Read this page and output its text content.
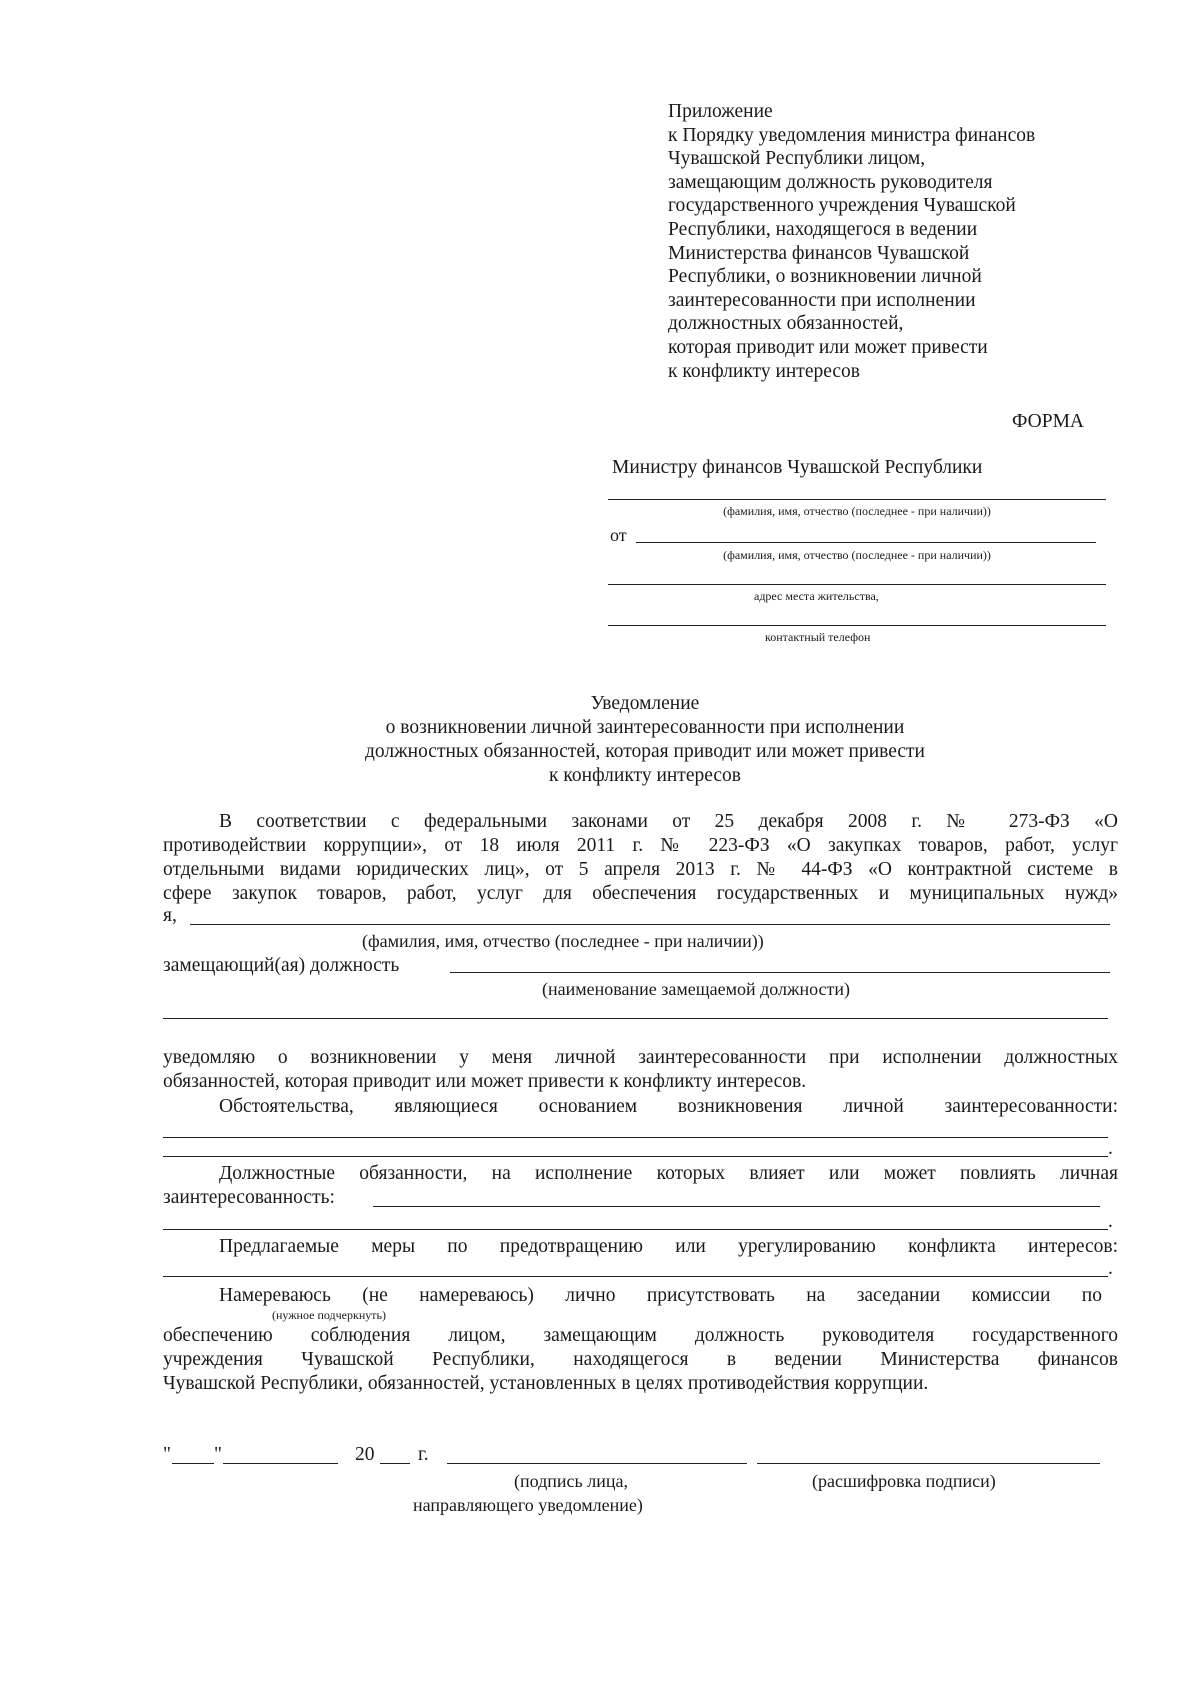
Приложение
к Порядку уведомления министра финансов
Чувашской Республики лицом,
замещающим должность руководителя
государственного учреждения Чувашской
Республики, находящегося в ведении
Министерства финансов Чувашской
Республики, о возникновении личной
заинтересованности при исполнении
должностных обязанностей,
которая приводит или может привести
к конфликту интересов
ФОРМА
Министру финансов Чувашской Республики
(фамилия, имя, отчество (последнее - при наличии))
от
(фамилия, имя, отчество (последнее - при наличии))
адрес места жительства,
контактный телефон
Уведомление
о возникновении личной заинтересованности при исполнении
должностных обязанностей, которая приводит или может привести
к конфликту интересов
В соответствии с федеральными законами от 25 декабря 2008 г. № 273-ФЗ «О
противодействии коррупции», от 18 июля 2011 г. № 223-ФЗ «О закупках товаров, работ, услуг
отдельными видами юридических лиц», от 5 апреля 2013 г. № 44-ФЗ «О контрактной системе в
сфере закупок товаров, работ, услуг для обеспечения государственных и муниципальных нужд»
я,
(фамилия, имя, отчество (последнее - при наличии))
замещающий(ая) должность
(наименование замещаемой должности)
уведомляю о возникновении у меня личной заинтересованности при исполнении должностных
обязанностей, которая приводит или может привести к конфликту интересов.
Обстоятельства, являющиеся основанием возникновения личной заинтересованности:
.
Должностные обязанности, на исполнение которых влияет или может повлиять личная
заинтересованность:
.
Предлагаемые меры по предотвращению или урегулированию конфликта интересов:
.
Намереваюсь (не намереваюсь) лично присутствовать на заседании комиссии по
(нужное подчеркнуть)
обеспечению соблюдения лицом, замещающим должность руководителя государственного
учреждения Чувашской Республики, находящегося в ведении Министерства финансов
Чувашской Республики, обязанностей, установленных в целях противодействия коррупции.
" "	20 г.
(подпись лица,
направляющего уведомление)
(расшифровка подписи)
